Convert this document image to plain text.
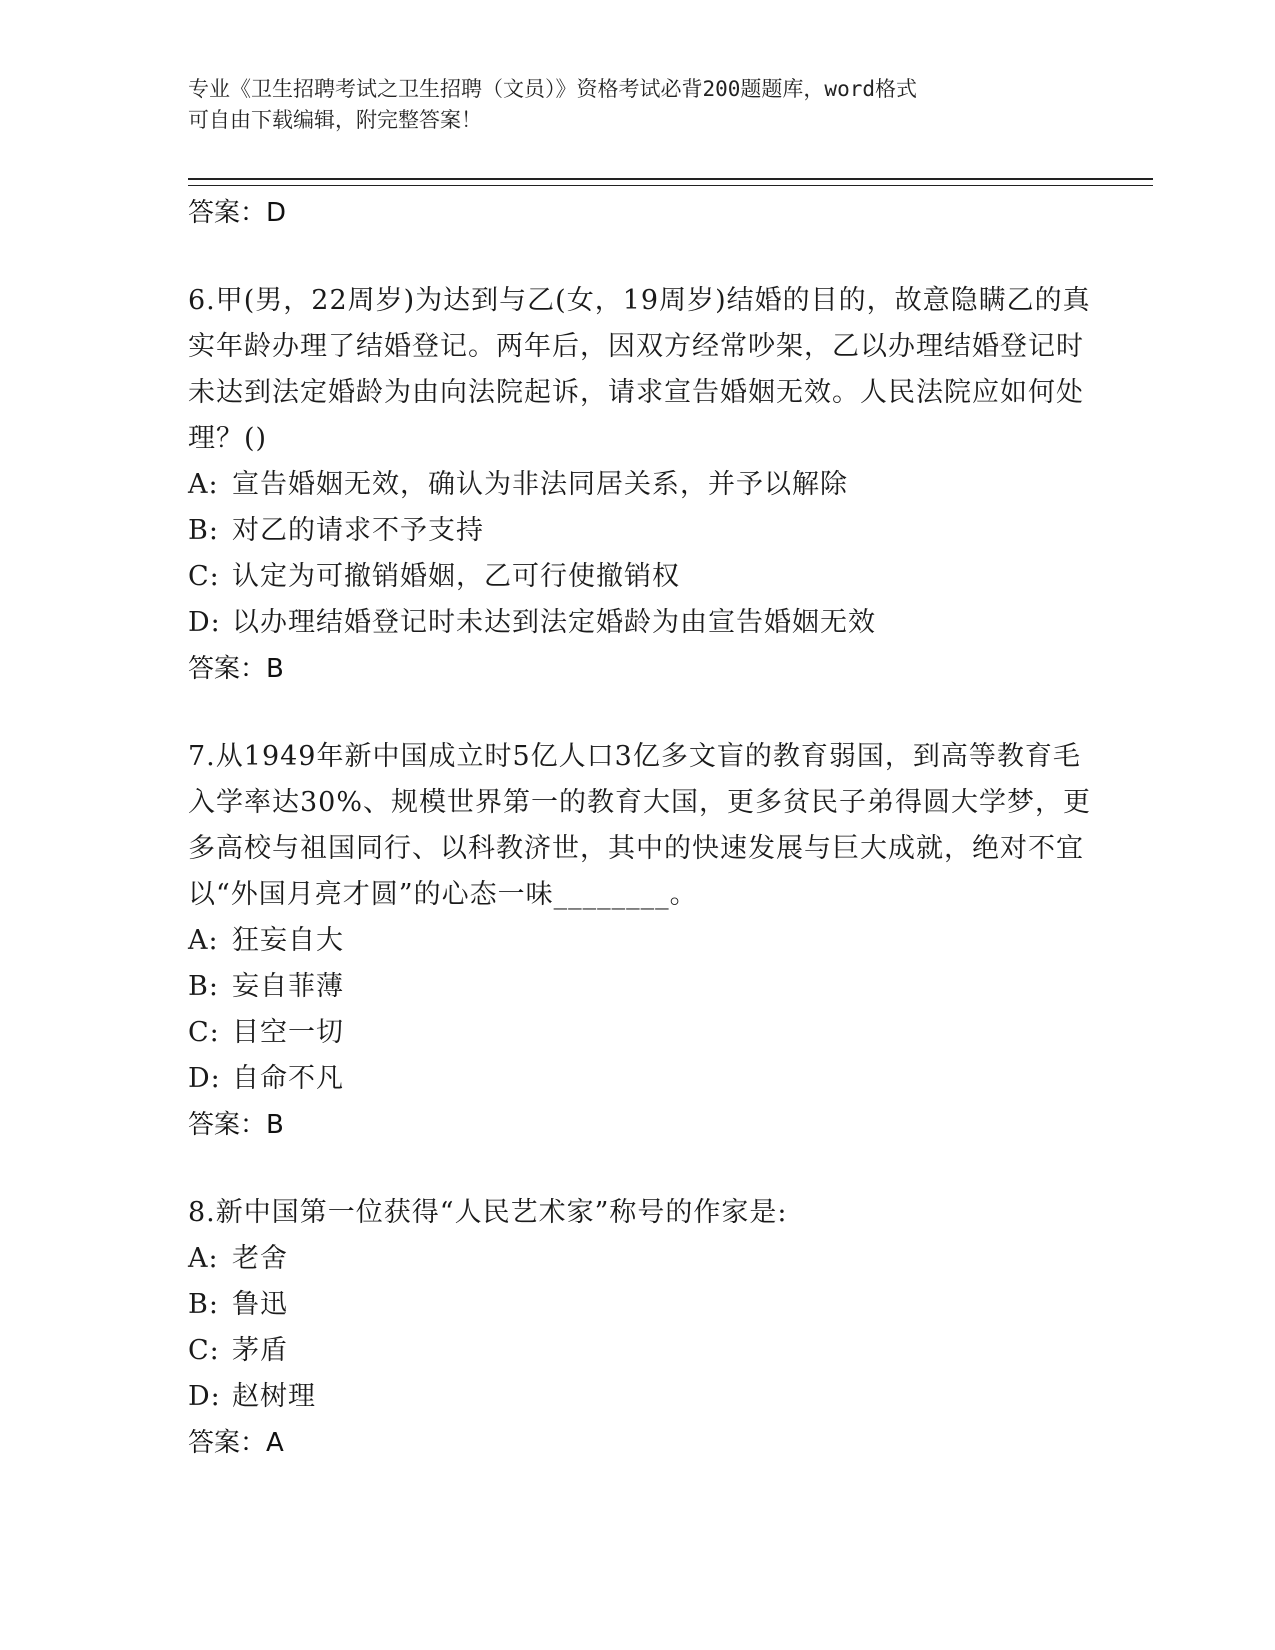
专业《卫生招聘考试之卫生招聘（文员）》资格考试必背200题题库，word格式
可自由下载编辑，附完整答案！
答案：D

6.甲(男，22周岁)为达到与乙(女，19周岁)结婚的目的，故意隐瞒乙的真实年龄办理了结婚登记。两年后，因双方经常吵架，乙以办理结婚登记时未达到法定婚龄为由向法院起诉，请求宣告婚姻无效。人民法院应如何处理？()

A: 宣告婚姻无效，确认为非法同居关系，并予以解除
B: 对乙的请求不予支持
C: 认定为可撤销婚姻，乙可行使撤销权
D: 以办理结婚登记时未达到法定婚龄为由宣告婚姻无效
答案：B

7.从1949年新中国成立时5亿人口3亿多文盲的教育弱国，到高等教育毛入学率达30%、规模世界第一的教育大国，更多贫民子弟得圆大学梦，更多高校与祖国同行、以科教济世，其中的快速发展与巨大成就，绝对不宜以“外国月亮才圆”的心态一味________。

A: 狂妄自大
B: 妄自菲薄
C: 目空一切
D: 自命不凡
答案：B

8.新中国第一位获得“人民艺术家”称号的作家是:

A: 老舍
B: 鲁迅
C: 茅盾
D: 赵树理
答案：A
